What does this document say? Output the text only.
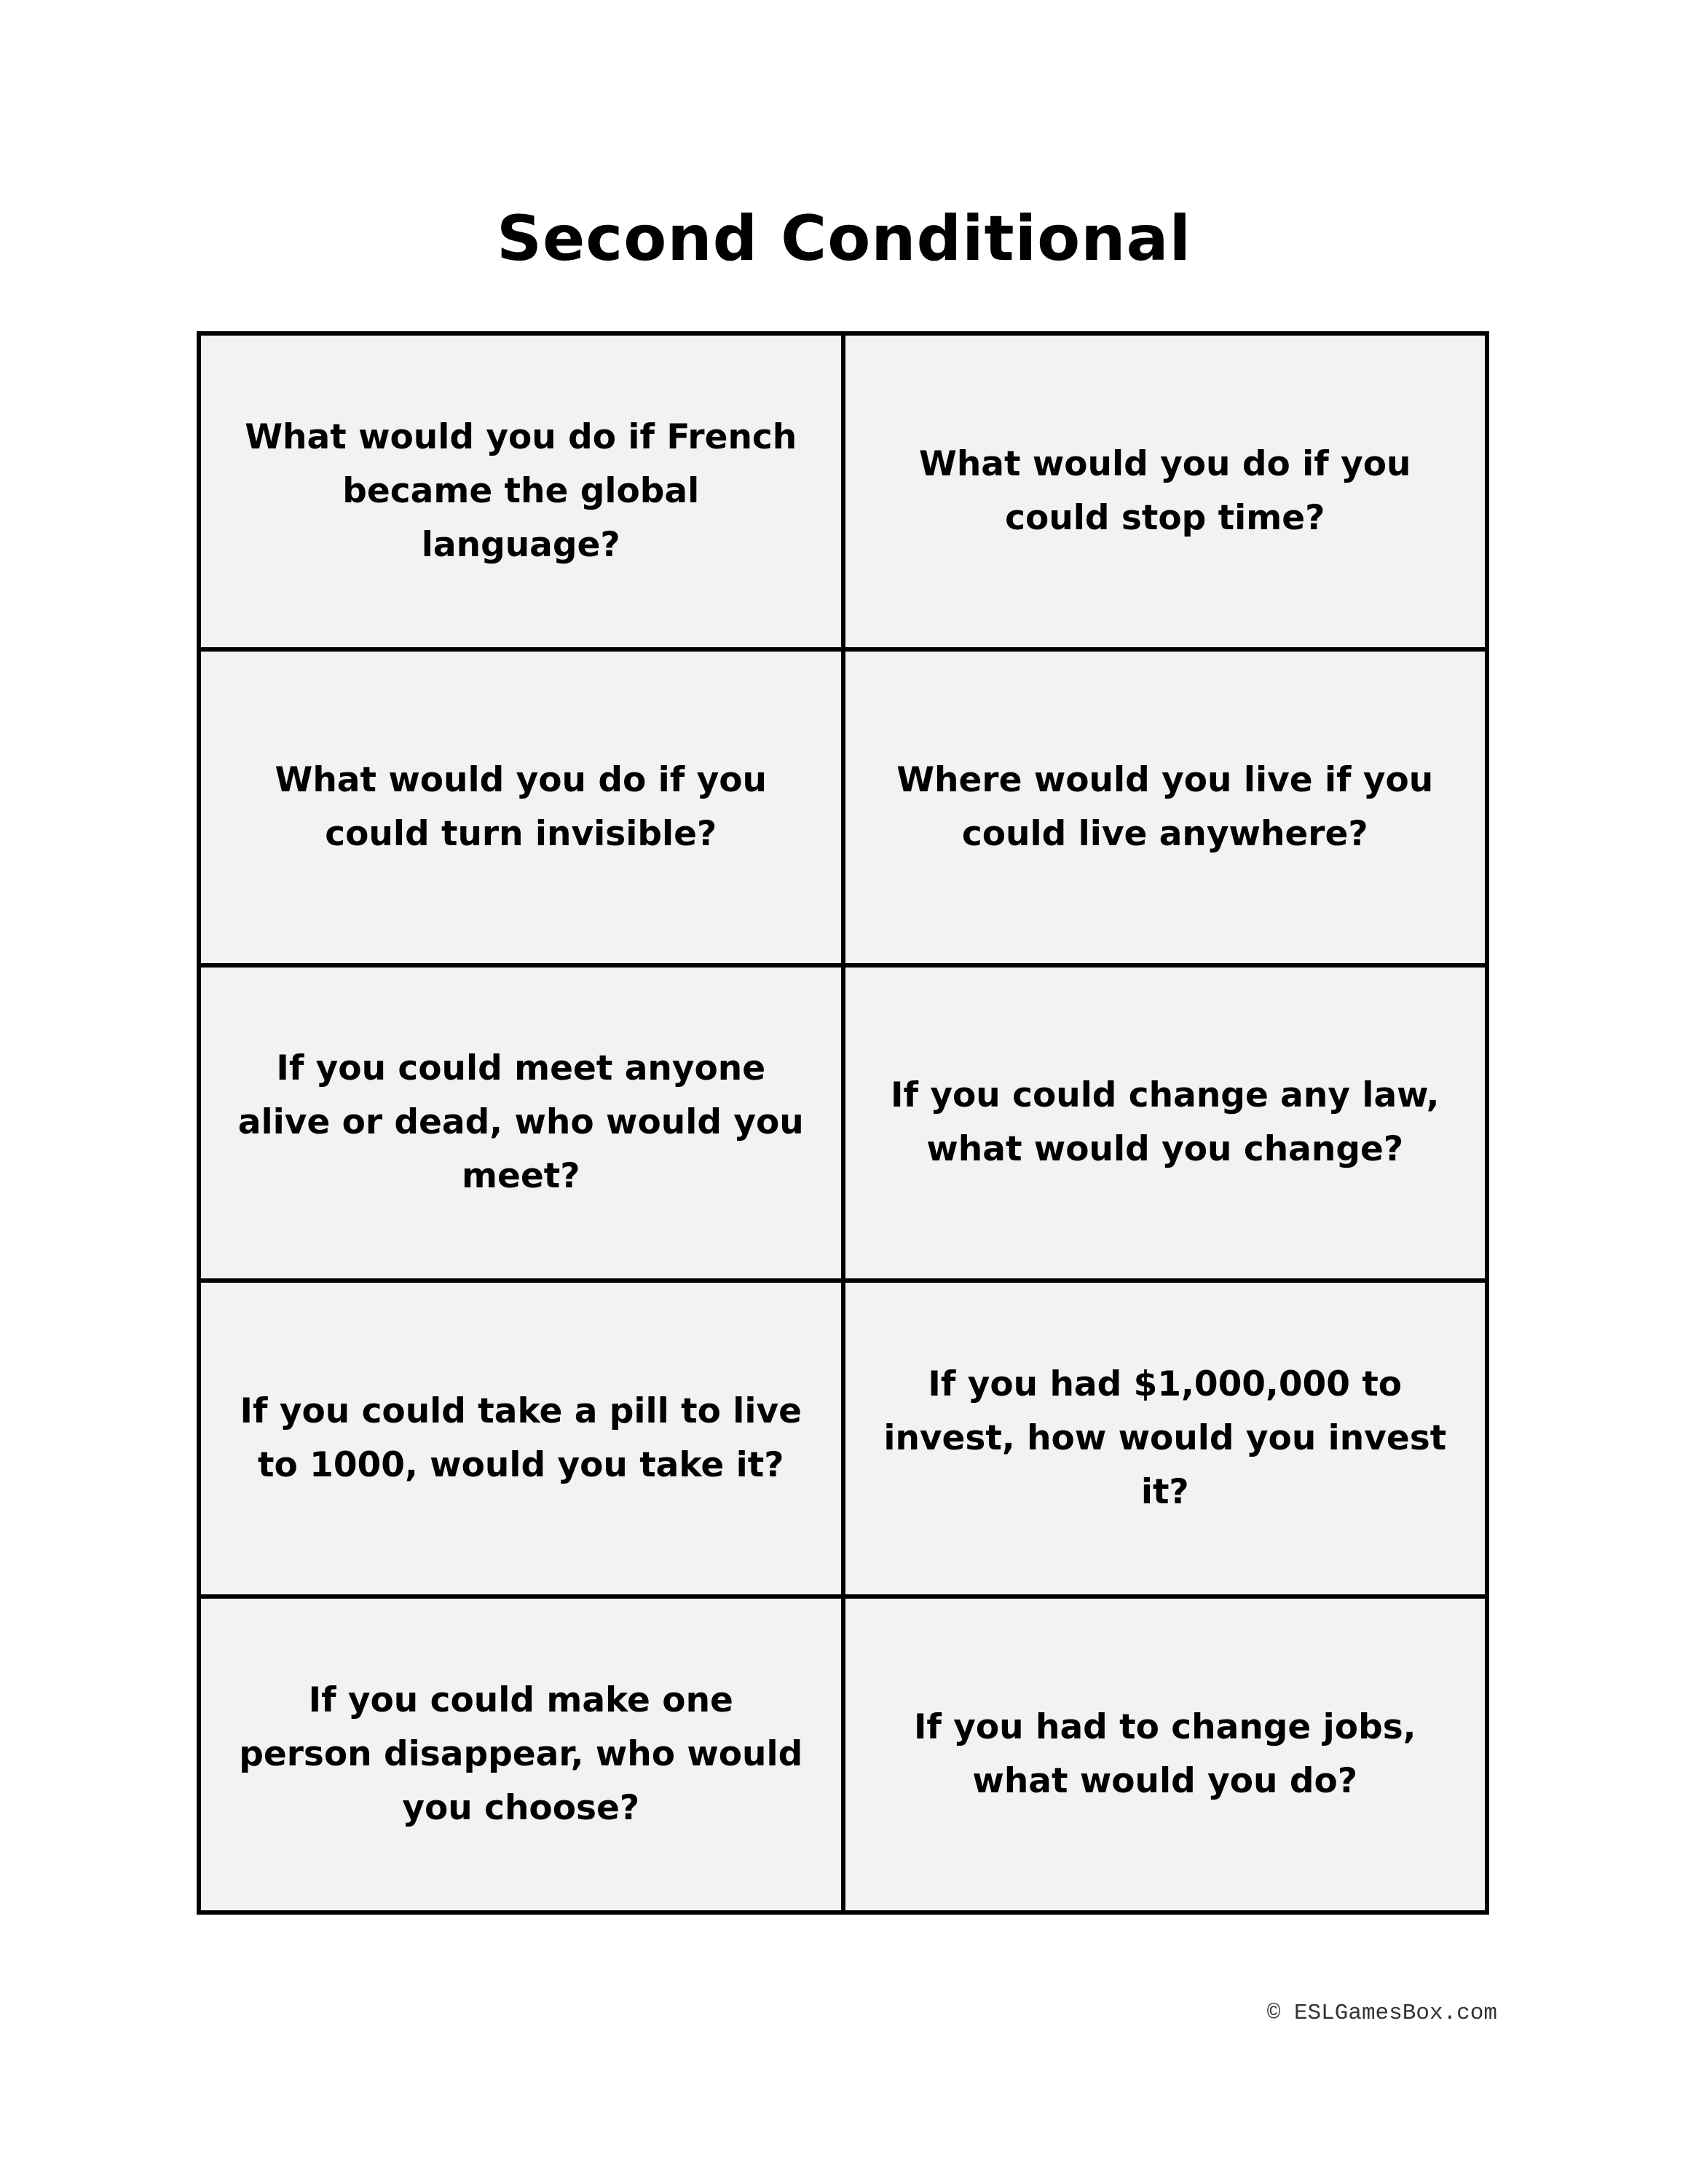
Second Conditional
What would you do if French became the global language?
What would you do if you could stop time?
What would you do if you could turn invisible?
Where would you live if you could live anywhere?
If you could meet anyone alive or dead, who would you meet?
If you could change any law, what would you change?
If you could take a pill to live to 1000, would you take it?
If you had $1,000,000 to invest, how would you invest it?
If you could make one person disappear, who would you choose?
If you had to change jobs, what would you do?
© ESLGamesBox.com
